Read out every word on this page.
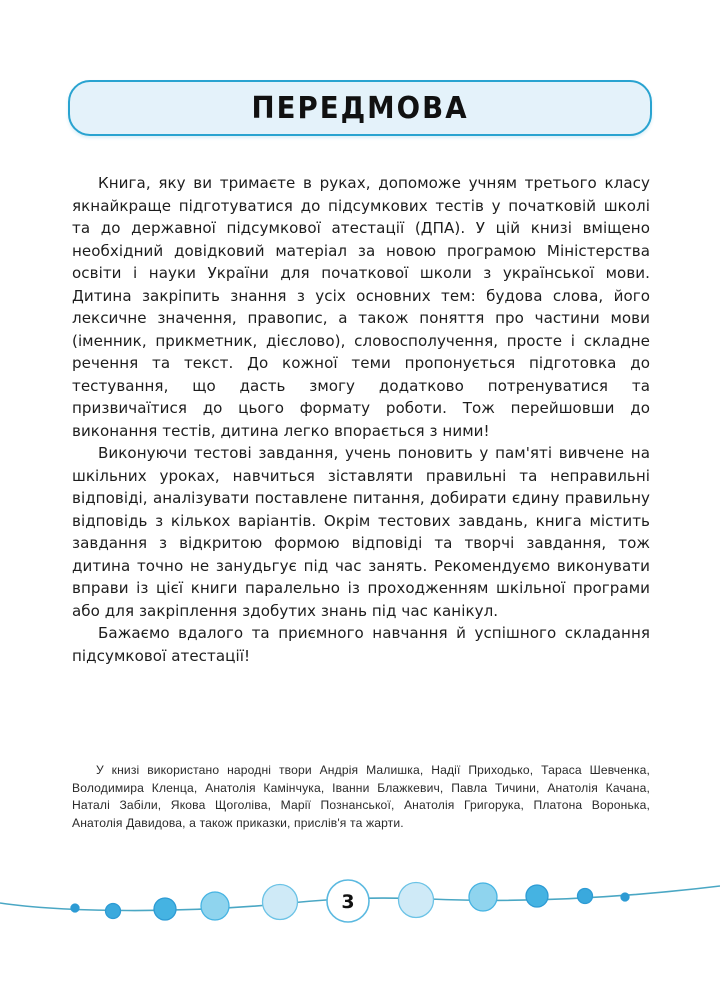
ПЕРЕДМОВА

Книга, яку ви тримаєте в руках, допоможе учням третього класу якнайкраще підготуватися до підсумкових тестів у початковій школі та до державної підсумкової атестації (ДПА). У цій книзі вміщено необхідний довідковий матеріал за новою програмою Міністерства освіти і науки України для початкової школи з української мови. Дитина закріпить знання з усіх основних тем: будова слова, його лексичне значення, правопис, а також поняття про частини мови (іменник, прикметник, дієслово), словосполучення, просте і складне речення та текст. До кожної теми пропонується підготовка до тестування, що дасть змогу додатково потренуватися та призвичаїтися до цього формату роботи. Тож перейшовши до виконання тестів, дитина легко впорається з ними!

Виконуючи тестові завдання, учень поновить у пам'яті вивчене на шкільних уроках, навчиться зіставляти правильні та неправильні відповіді, аналізувати поставлене питання, добирати єдину правильну відповідь з кількох варіантів. Окрім тестових завдань, книга містить завдання з відкритою формою відповіді та творчі завдання, тож дитина точно не занудьгує під час занять. Рекомендуємо виконувати вправи із цієї книги паралельно із проходженням шкільної програми або для закріплення здобутих знань під час канікул.

Бажаємо вдалого та приємного навчання й успішного складання підсумкової атестації!

У книзі використано народні твори Андрія Малишка, Надії Приходько, Тараса Шевченка, Володимира Кленца, Анатолія Камінчука, Іванни Блажкевич, Павла Тичини, Анатолія Качана, Наталі Забіли, Якова Щоголіва, Марії Познанської, Анатолія Григорука, Платона Воронька, Анатолія Давидова, а також приказки, прислів'я та жарти.

3
